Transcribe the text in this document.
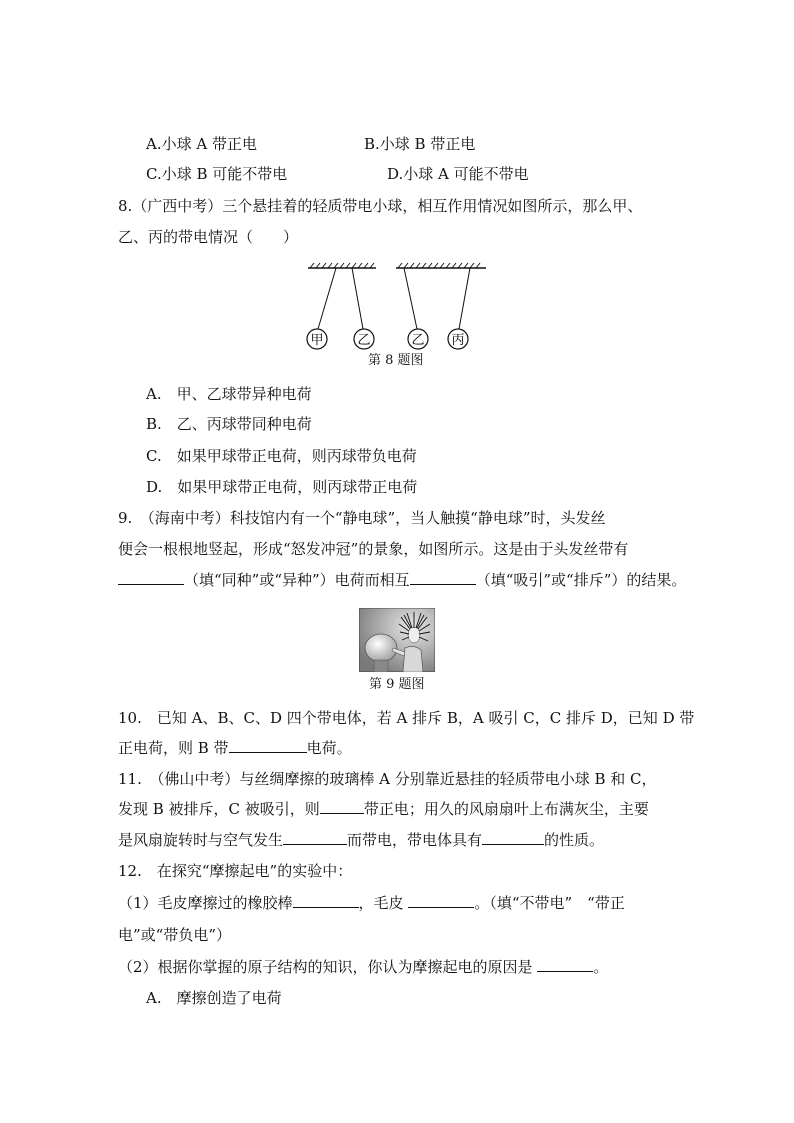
A.小球 A 带正电	B.小球 B 带正电
C.小球 B 可能不带电	D.小球 A 可能不带电
8.（广西中考）三个悬挂着的轻质带电小球，相互作用情况如图所示，那么甲、
乙、丙的带电情况（　　）
甲	乙	乙 丙
第 8 题图
A.　甲、乙球带异种电荷
B.　乙、丙球带同种电荷
C.　如果甲球带正电荷，则丙球带负电荷
D.　如果甲球带正电荷，则丙球带正电荷
9.　（海南中考）科技馆内有一个“静电球”，当人触摸“静电球”时，头发丝
便会一根根地竖起，形成“怒发冲冠”的景象，如图所示。这是由于头发丝带有
（填“同种”或“异种”）电荷而相互	（填“吸引”或“排斥”）的结果。
第 9 题图
10.　已知 A、B、C、D 四个带电体，若 A 排斥 B，A 吸引 C，C 排斥 D，已知 D 带
正电荷，则 B 带	电荷。
11.　（佛山中考）与丝绸摩擦的玻璃棒 A 分别靠近悬挂的轻质带电小球 B 和 C，
发现 B 被排斥，C 被吸引，则	带正电；用久的风扇扇叶上布满灰尘，主要
是风扇旋转时与空气发生	而带电，带电体具有	的性质。
12.　在探究“摩擦起电”的实验中：
（1）毛皮摩擦过的橡胶棒	，毛皮	。（填“不带电”　“带正
电”或“带负电”）
（2）根据你掌握的原子结构的知识，你认为摩擦起电的原因是	。
A.　摩擦创造了电荷
